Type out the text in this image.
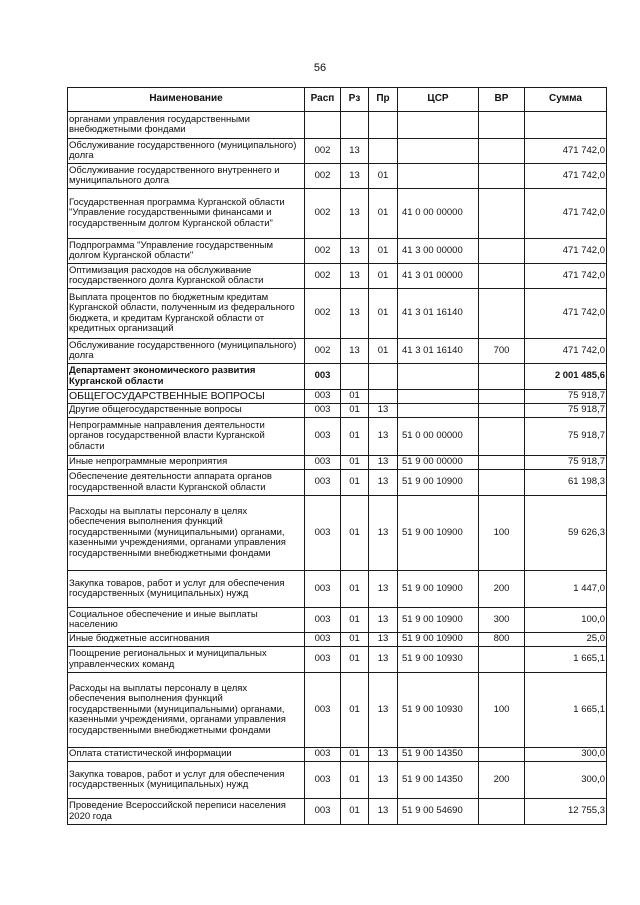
56
Наименование	Расп	Рз	Пр	ЦСР	ВР	Сумма
органами управления государственными внебюджетными фондами						
Обслуживание государственного (муниципального) долга	002	13				471 742,0
Обслуживание государственного внутреннего и муниципального долга	002	13	01			471 742,0
Государственная программа Курганской области "Управление государственными финансами и государственным долгом Курганской области"	002	13	01	41 0 00 00000		471 742,0
Подпрограмма "Управление государственным долгом Курганской области"	002	13	01	41 3 00 00000		471 742,0
Оптимизация расходов на обслуживание государственного долга Курганской области	002	13	01	41 3 01 00000		471 742,0
Выплата процентов по бюджетным кредитам Курганской области, полученным из федерального бюджета, и кредитам Курганской области от кредитных организаций	002	13	01	41 3 01 16140		471 742,0
Обслуживание государственного (муниципального) долга	002	13	01	41 3 01 16140	700	471 742,0
Департамент экономического развития Курганской области	003					2 001 485,6
ОБЩЕГОСУДАРСТВЕННЫЕ ВОПРОСЫ	003	01				75 918,7
Другие общегосударственные вопросы	003	01	13			75 918,7
Непрограммные направления деятельности органов государственной власти Курганской области	003	01	13	51 0 00 00000		75 918,7
Иные непрограммные мероприятия	003	01	13	51 9 00 00000		75 918,7
Обеспечение деятельности аппарата органов государственной власти Курганской области	003	01	13	51 9 00 10900		61 198,3
Расходы на выплаты персоналу в целях обеспечения выполнения функций государственными (муниципальными) органами, казенными учреждениями, органами управления государственными внебюджетными фондами	003	01	13	51 9 00 10900	100	59 626,3
Закупка товаров, работ и услуг для обеспечения государственных (муниципальных) нужд	003	01	13	51 9 00 10900	200	1 447,0
Социальное обеспечение и иные выплаты населению	003	01	13	51 9 00 10900	300	100,0
Иные бюджетные ассигнования	003	01	13	51 9 00 10900	800	25,0
Поощрение региональных и муниципальных управленческих команд	003	01	13	51 9 00 10930		1 665,1
Расходы на выплаты персоналу в целях обеспечения выполнения функций государственными (муниципальными) органами, казенными учреждениями, органами управления государственными внебюджетными фондами	003	01	13	51 9 00 10930	100	1 665,1
Оплата статистической информации	003	01	13	51 9 00 14350		300,0
Закупка товаров, работ и услуг для обеспечения государственных (муниципальных) нужд	003	01	13	51 9 00 14350	200	300,0
Проведение Всероссийской переписи населения 2020 года	003	01	13	51 9 00 54690		12 755,3
